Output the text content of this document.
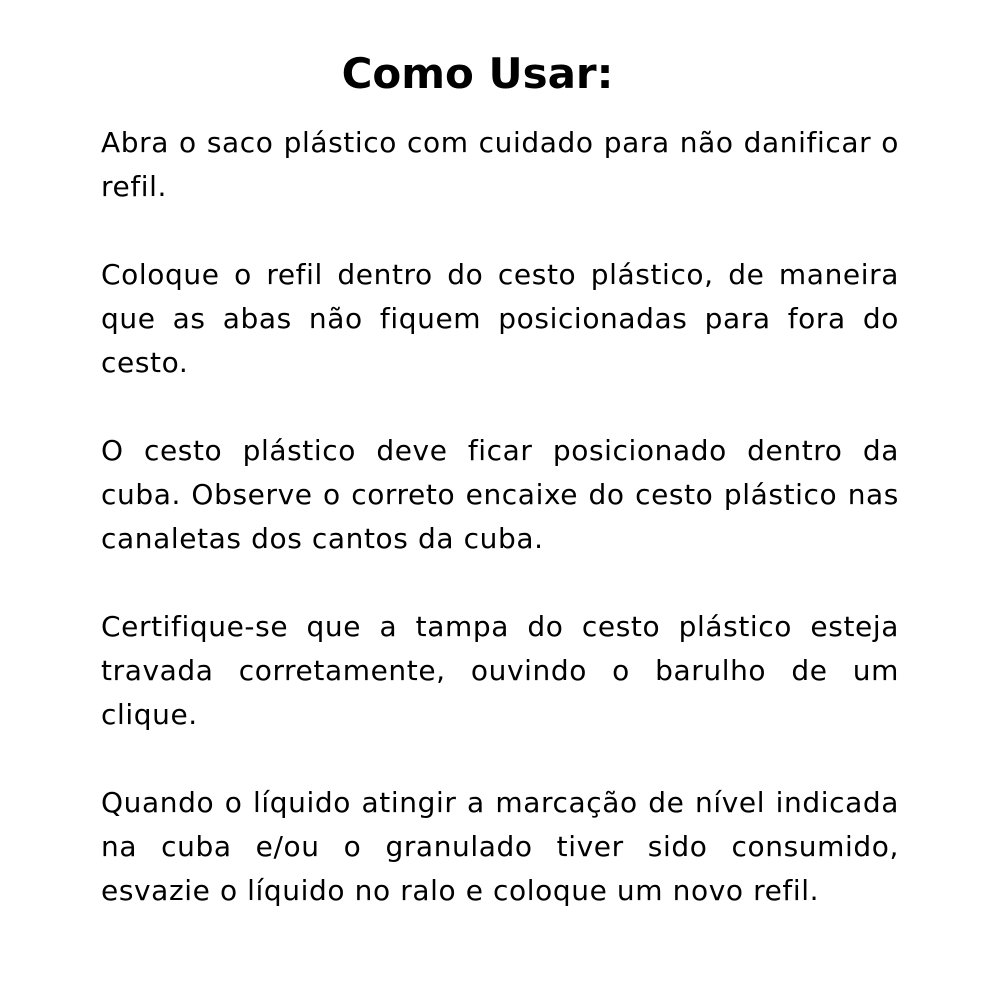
Como Usar:

Abra o saco plástico com cuidado para não danificar o refil.

Coloque o refil dentro do cesto plástico, de maneira que as abas não fiquem posicionadas para fora do cesto.

O cesto plástico deve ficar posicionado dentro da cuba. Observe o correto encaixe do cesto plástico nas canaletas dos cantos da cuba.

Certifique-se que a tampa do cesto plástico esteja travada corretamente, ouvindo o barulho de um clique.

Quando o líquido atingir a marcação de nível indicada na cuba e/ou o granulado tiver sido consumido, esvazie o líquido no ralo e coloque um novo refil.
